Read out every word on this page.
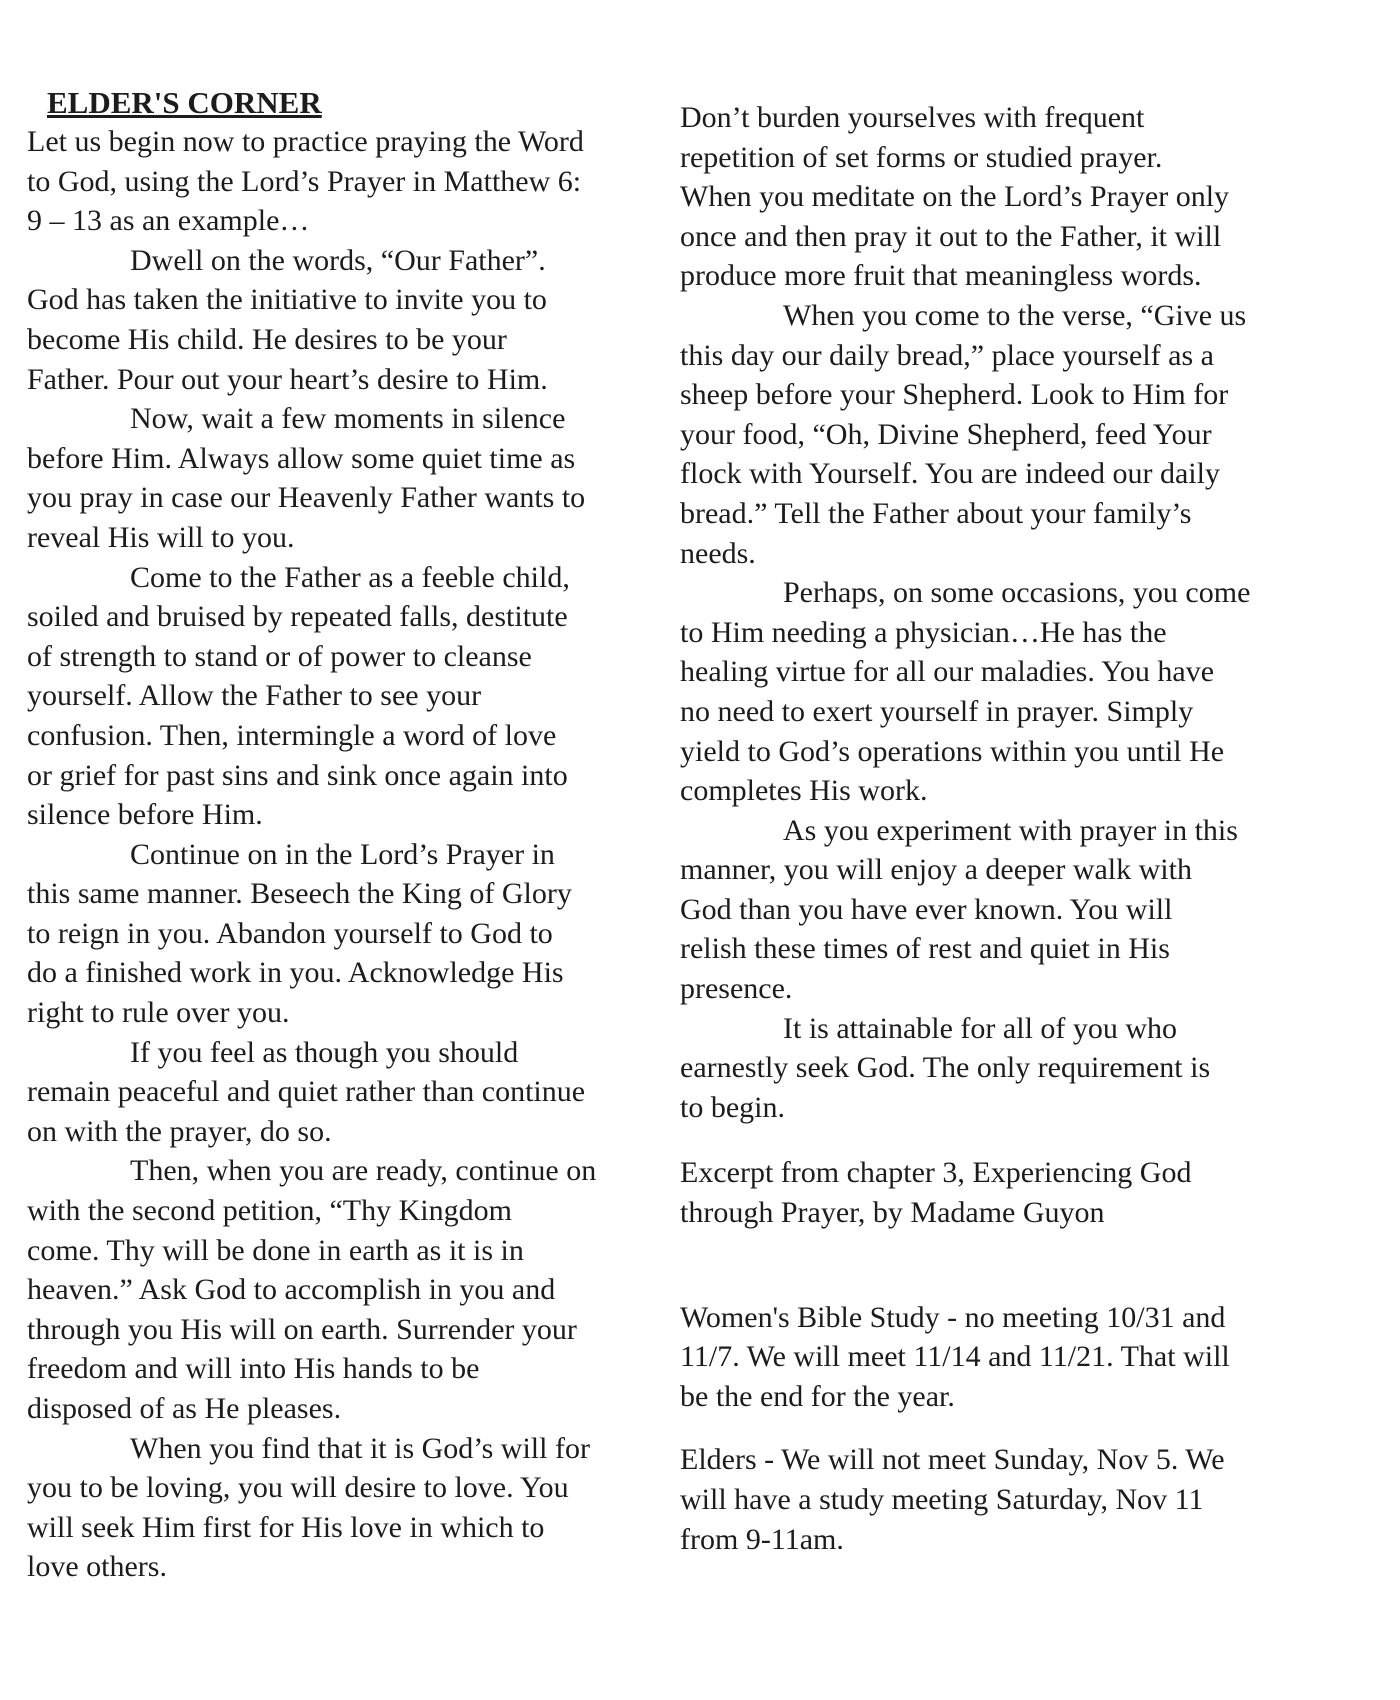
ELDER'S CORNER
Let us begin now to practice praying the Word
to God, using the Lord’s Prayer in Matthew 6:
9 – 13 as an example…
Dwell on the words, “Our Father”.
God has taken the initiative to invite you to
become His child. He desires to be your
Father. Pour out your heart’s desire to Him.
Now, wait a few moments in silence
before Him. Always allow some quiet time as
you pray in case our Heavenly Father wants to
reveal His will to you.
Come to the Father as a feeble child,
soiled and bruised by repeated falls, destitute
of strength to stand or of power to cleanse
yourself. Allow the Father to see your
confusion. Then, intermingle a word of love
or grief for past sins and sink once again into
silence before Him.
Continue on in the Lord’s Prayer in
this same manner. Beseech the King of Glory
to reign in you. Abandon yourself to God to
do a finished work in you. Acknowledge His
right to rule over you.
If you feel as though you should
remain peaceful and quiet rather than continue
on with the prayer, do so.
Then, when you are ready, continue on
with the second petition, “Thy Kingdom
come. Thy will be done in earth as it is in
heaven.” Ask God to accomplish in you and
through you His will on earth. Surrender your
freedom and will into His hands to be
disposed of as He pleases.
When you find that it is God’s will for
you to be loving, you will desire to love. You
will seek Him first for His love in which to
love others.
Don’t burden yourselves with frequent
repetition of set forms or studied prayer.
When you meditate on the Lord’s Prayer only
once and then pray it out to the Father, it will
produce more fruit that meaningless words.
When you come to the verse, “Give us
this day our daily bread,” place yourself as a
sheep before your Shepherd. Look to Him for
your food, “Oh, Divine Shepherd, feed Your
flock with Yourself. You are indeed our daily
bread.” Tell the Father about your family’s
needs.
Perhaps, on some occasions, you come
to Him needing a physician…He has the
healing virtue for all our maladies. You have
no need to exert yourself in prayer. Simply
yield to God’s operations within you until He
completes His work.
As you experiment with prayer in this
manner, you will enjoy a deeper walk with
God than you have ever known. You will
relish these times of rest and quiet in His
presence.
It is attainable for all of you who
earnestly seek God. The only requirement is
to begin.
Excerpt from chapter 3, Experiencing God
through Prayer, by Madame Guyon
Women's Bible Study - no meeting 10/31 and
11/7. We will meet 11/14 and 11/21. That will
be the end for the year.
Elders - We will not meet Sunday, Nov 5. We
will have a study meeting Saturday, Nov 11
from 9-11am.
